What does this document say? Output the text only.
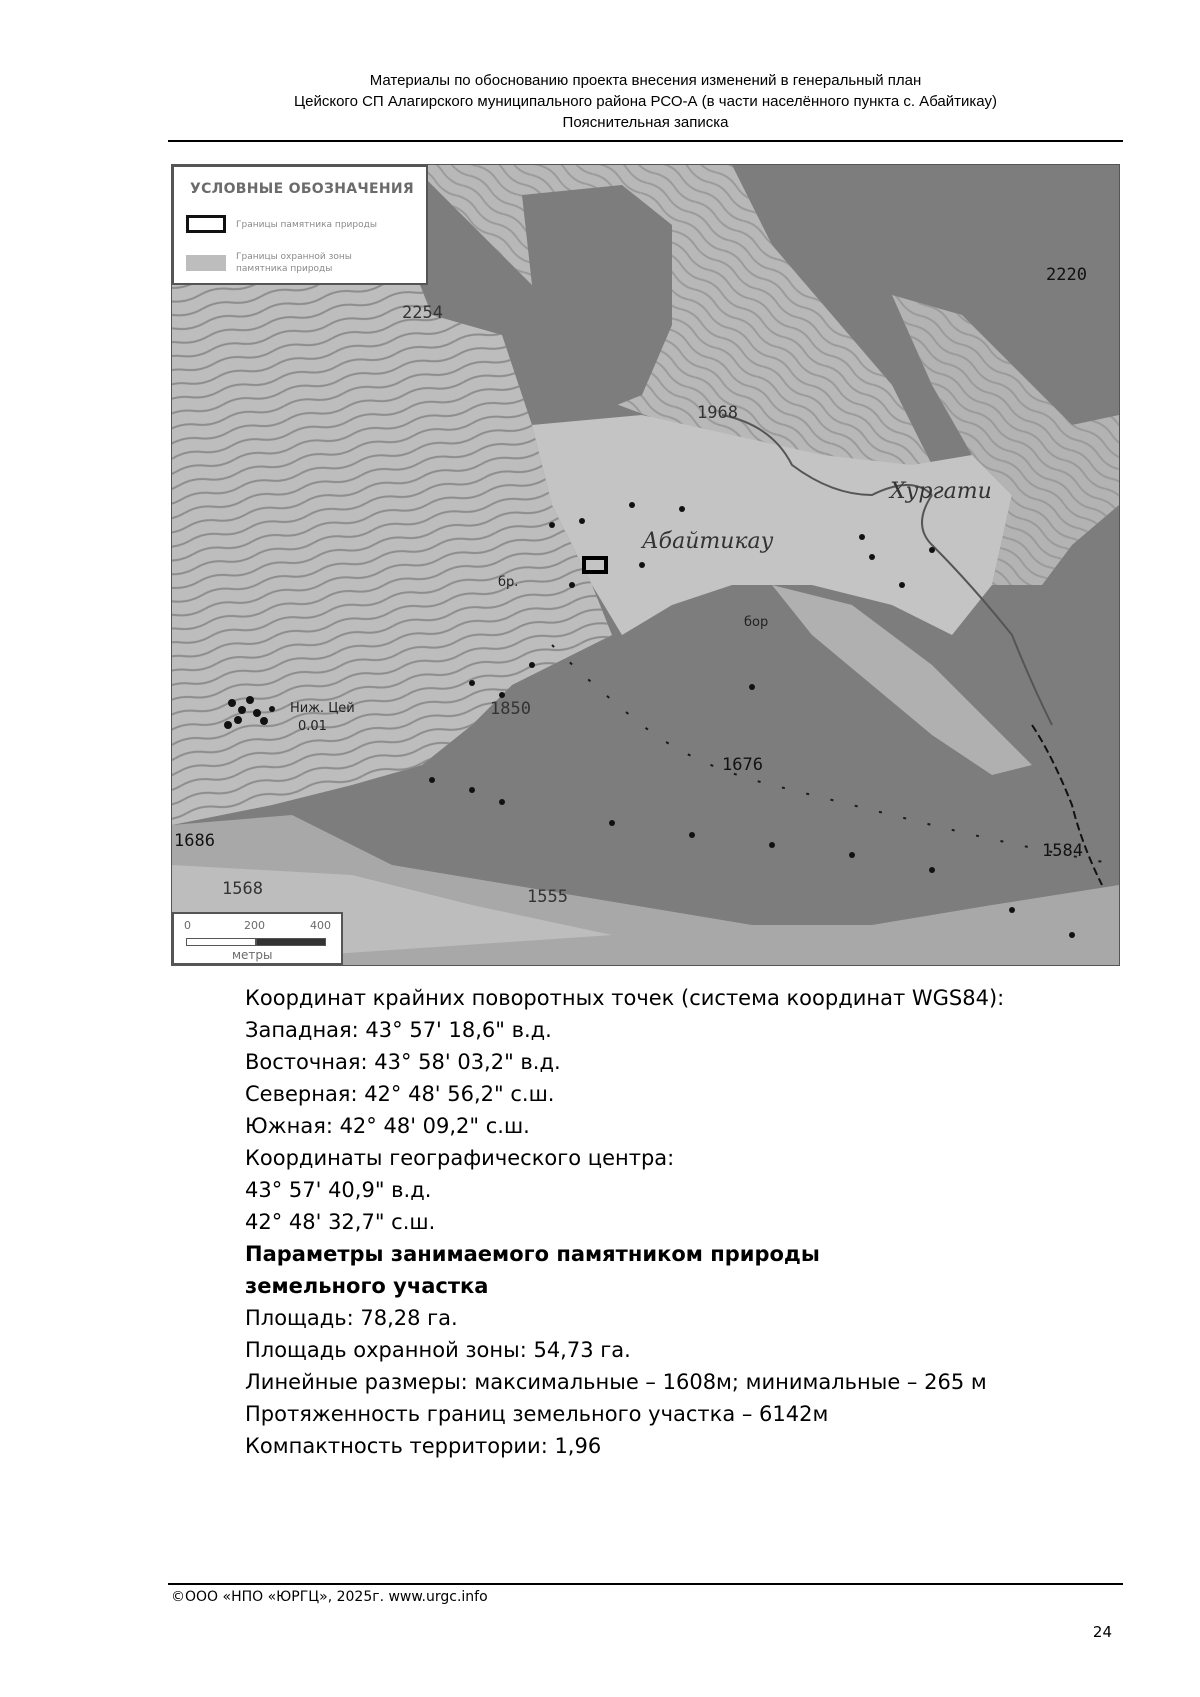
Материалы по обоснованию проекта внесения изменений в генеральный план
Цейского СП Алагирского муниципального района РСО-А (в части населённого пункта с. Абайтикау)
Пояснительная записка
УСЛОВНЫЕ ОБОЗНАЧЕНИЯ
Границы памятника природы
Границы охранной зоны
памятника природы	2220
2254
1968
1850
1676
1686	1584
1555
1568
Абайтикау
Хургати
Ниж. Цей
0.01
бр.
бор
0	200	400
метры
Координат крайних поворотных точек (система координат WGS84):
Западная: 43° 57' 18,6" в.д.
Восточная: 43° 58' 03,2" в.д.
Северная: 42° 48' 56,2" с.ш.
Южная: 42° 48' 09,2" с.ш.
Координаты географического центра:
43° 57' 40,9" в.д.
42° 48' 32,7" с.ш.
Параметры занимаемого памятником природы
земельного участка
Площадь: 78,28 га.
Площадь охранной зоны: 54,73 га.
Линейные размеры: максимальные – 1608м; минимальные – 265 м
Протяженность границ земельного участка – 6142м
Компактность территории: 1,96
©ООО «НПО «ЮРГЦ», 2025г. www.urgc.info
24
